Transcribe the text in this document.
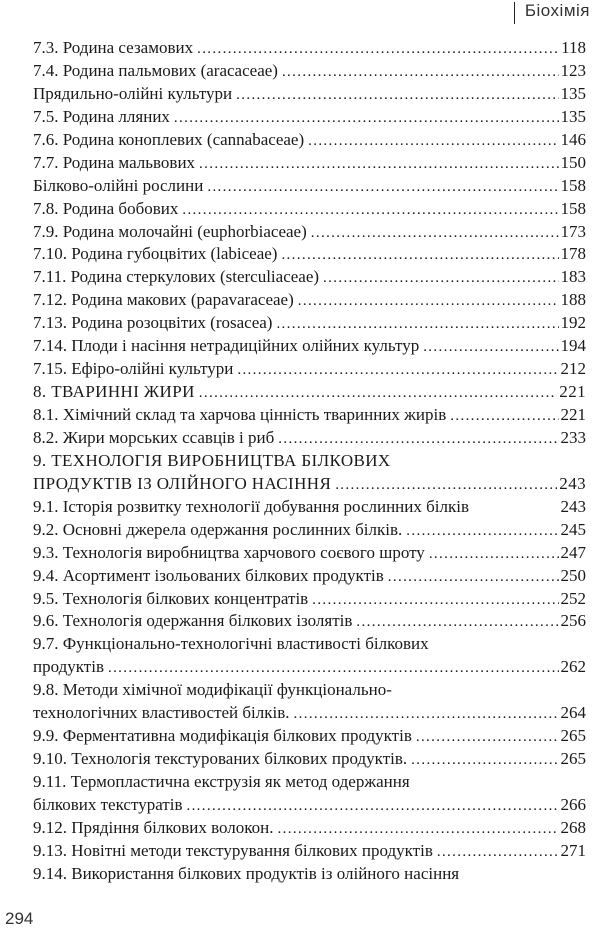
Біохімія
7.3. Родина сезамових . . .	118
7.4. Родина пальмових (aracaceae) . . .	123
Прядильно-олійні культури . . .	135
7.5. Родина лляних . . .	135
7.6. Родина коноплевих (cannabaceae) . . .	146
7.7. Родина мальвових . . .	150
Білково-олійні рослини . . .	158
7.8. Родина бобових . . .	158
7.9. Родина молочайні (euphorbiaceae) . . .	173
7.10. Родина губоцвітих (labiceae) . . .	178
7.11. Родина стеркулових (sterculiaceae) . . .	183
7.12. Родина макових (papavaraceae) . . .	188
7.13. Родина розоцвітих (rosacea) . . .	192
7.14. Плоди і насіння нетрадиційних олійних культур . . .	194
7.15. Ефіро-олійні культури . . .	212
8. ТВАРИННІ ЖИРИ . . .	221
8.1. Хімічний склад та харчова цінність тваринних жирів . . .	221
8.2. Жири морських ссавців і риб . . .	233
9. ТЕХНОЛОГІЯ ВИРОБНИЦТВА БІЛКОВИХ
ПРОДУКТІВ ІЗ ОЛІЙНОГО НАСІННЯ . . .	243
9.1. Історія розвитку технології добування рослинних білків	243
9.2. Основні джерела одержання рослинних білків. . . .	245
9.3. Технологія виробництва харчового соєвого шроту . . .	247
9.4. Асортимент ізольованих білкових продуктів . . .	250
9.5. Технологія білкових концентратів . . .	252
9.6. Технологія одержання білкових ізолятів . . .	256
9.7. Функціонально-технологічні властивості білкових
продуктів . . .	262
9.8. Методи хімічної модифікації функціонально-
технологічних властивостей білків. . . .	264
9.9. Ферментативна модифікація білкових продуктів . . .	265
9.10. Технологія текстурованих білкових продуктів. . . .	265
9.11. Термопластична екструзія як метод одержання
білкових текстуратів . . .	266
9.12. Прядіння білкових волокон. . . .	268
9.13. Новітні методи текстурування білкових продуктів . . .	271
9.14. Використання білкових продуктів із олійного насіння
294
